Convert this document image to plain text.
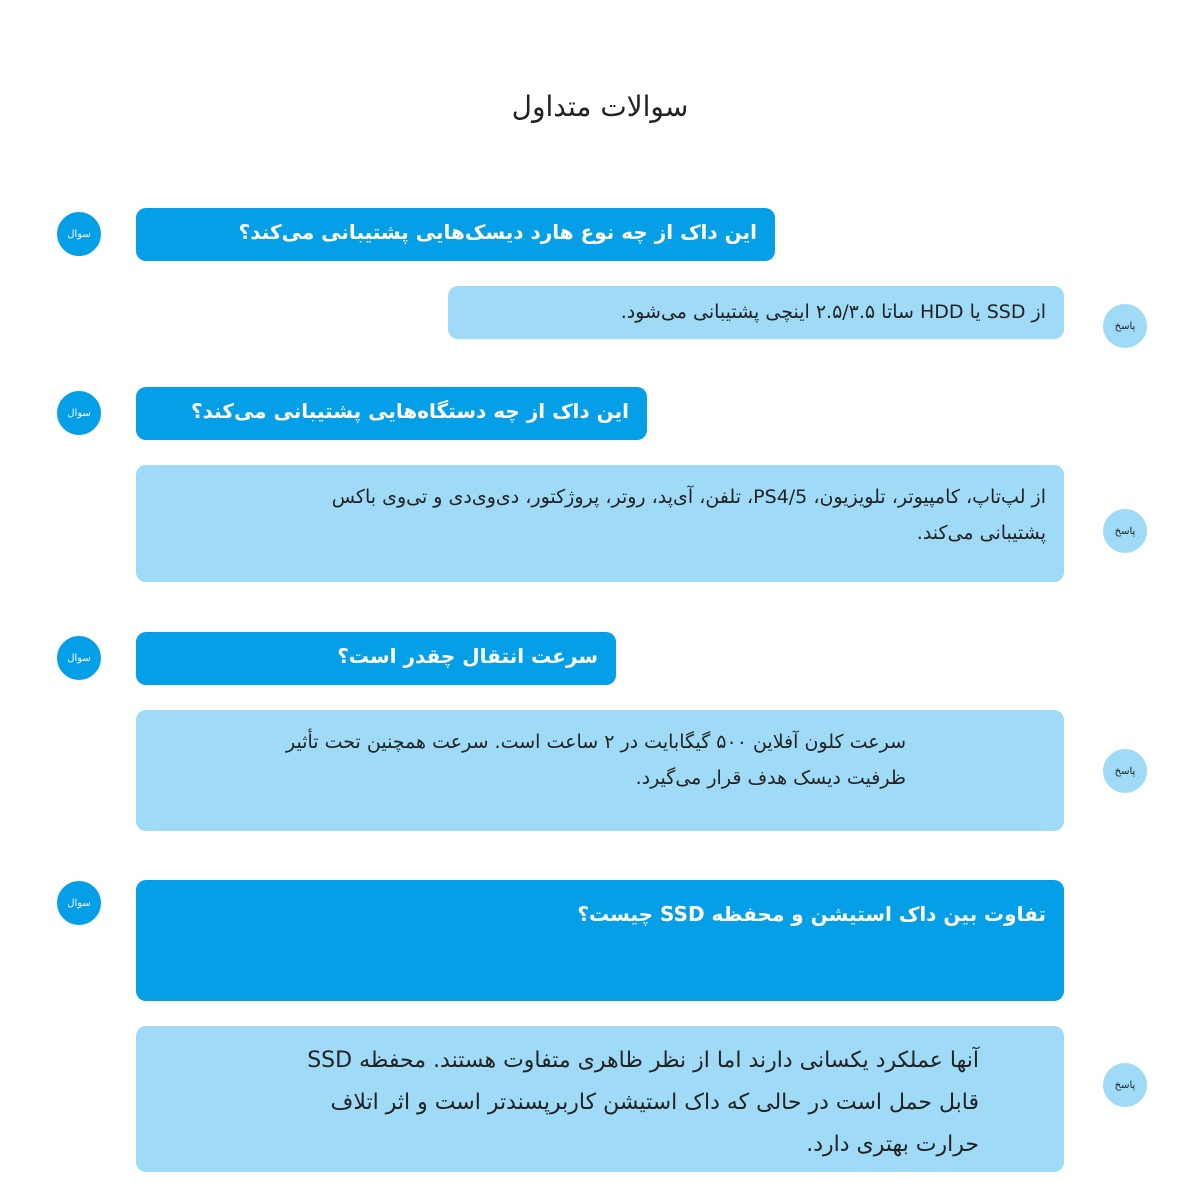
سوالات متداول
سوال	این داک از چه نوع هارد دیسک‌هایی پشتیبانی می‌کند؟
پاسخ
از SSD یا HDD ساتا ۲.۵/۳.۵ اینچی پشتیبانی می‌شود.
سوال	این داک از چه دستگاه‌هایی پشتیبانی می‌کند؟
پاسخ
از لپ‌تاپ، کامپیوتر، تلویزیون، PS4/5، تلفن، آی‌پد، روتر، پروژکتور، دی‌وی‌دی و تی‌وی باکس پشتیبانی می‌کند.
سوال	سرعت انتقال چقدر است؟
پاسخ
سرعت کلون آفلاین ۵۰۰ گیگابایت در ۲ ساعت است. سرعت همچنین تحت تأثیر ظرفیت دیسک هدف قرار می‌گیرد.
سوال	تفاوت بین داک استیشن و محفظه SSD چیست؟
پاسخ
آنها عملکرد یکسانی دارند اما از نظر ظاهری متفاوت هستند. محفظه SSD قابل حمل است در حالی که داک استیشن کاربرپسندتر است و اثر اتلاف حرارت بهتری دارد.
